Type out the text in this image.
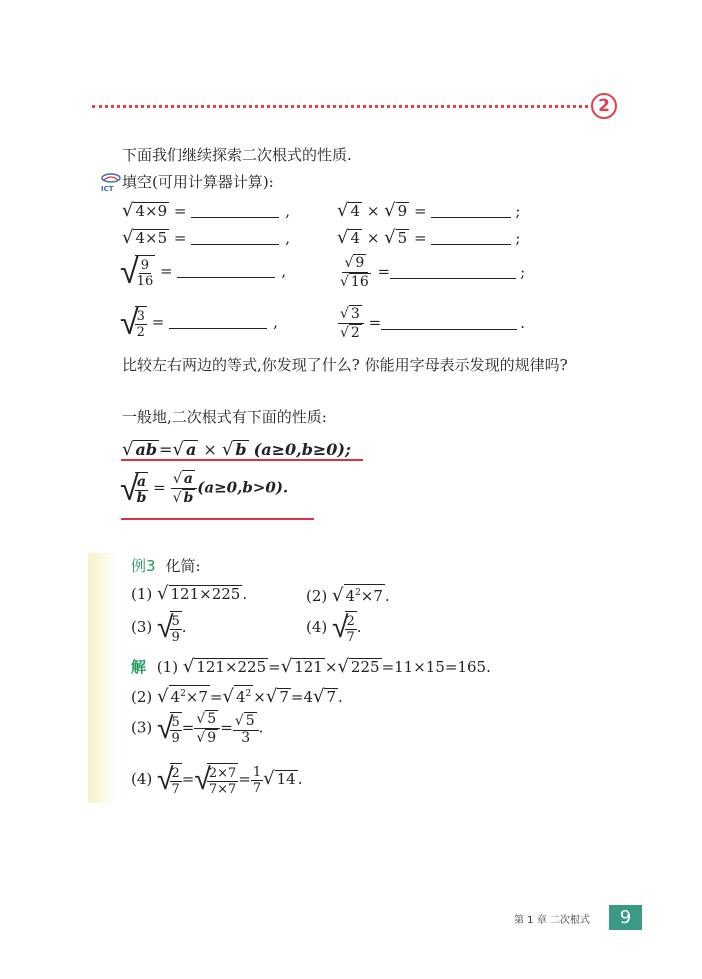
2
下面我们继续探索二次根式的性质.
ICT 填空(可用计算器计算):
√ 4×9 =	,	√ 4 × √ 9 =	;
√ 4×5 =	,	√ 4 × √ 5 =	;
√
$\frac{9}{16}$ =	,	$\frac{√ 9}{√ 16}$ =	;
√
$\frac{3}{2}$ =	,	$\frac{√ 3}{√ 2}$ =	.
比较左右两边的等式,你发现了什么? 你能用字母表示发现的规律吗?
一般地,二次根式有下面的性质:
√ ab =√ a × √ b (a≥0,b≥0);
√
$\frac{a}{b} = \frac{√ a}{√ b} (a\ge 0,b>0)$.
例3 化简:
(1) √ 121×225 .	(2) √ $4^2\times 7$ .
(3) √
$\frac{5}{9}$ .	(4) √
$\frac{2}{7}$ .
解 (1) √ 121×225 =√ 121 ×√ 225 =11×15=165.
(2) √ $4^2\times 7$ =√ $4^2$ ×√ 7 =4√ 7 .
(3) √
$\frac{5}{9} = \frac{√ 5}{√ 9} = \frac{√ 5}{3}$ .
(4) √
$\frac{2}{7}$ =√
$\frac{2\times 7}{7\times 7} = \frac{1}{7}$ √ 14 .
第 1 章 二次根式	9
